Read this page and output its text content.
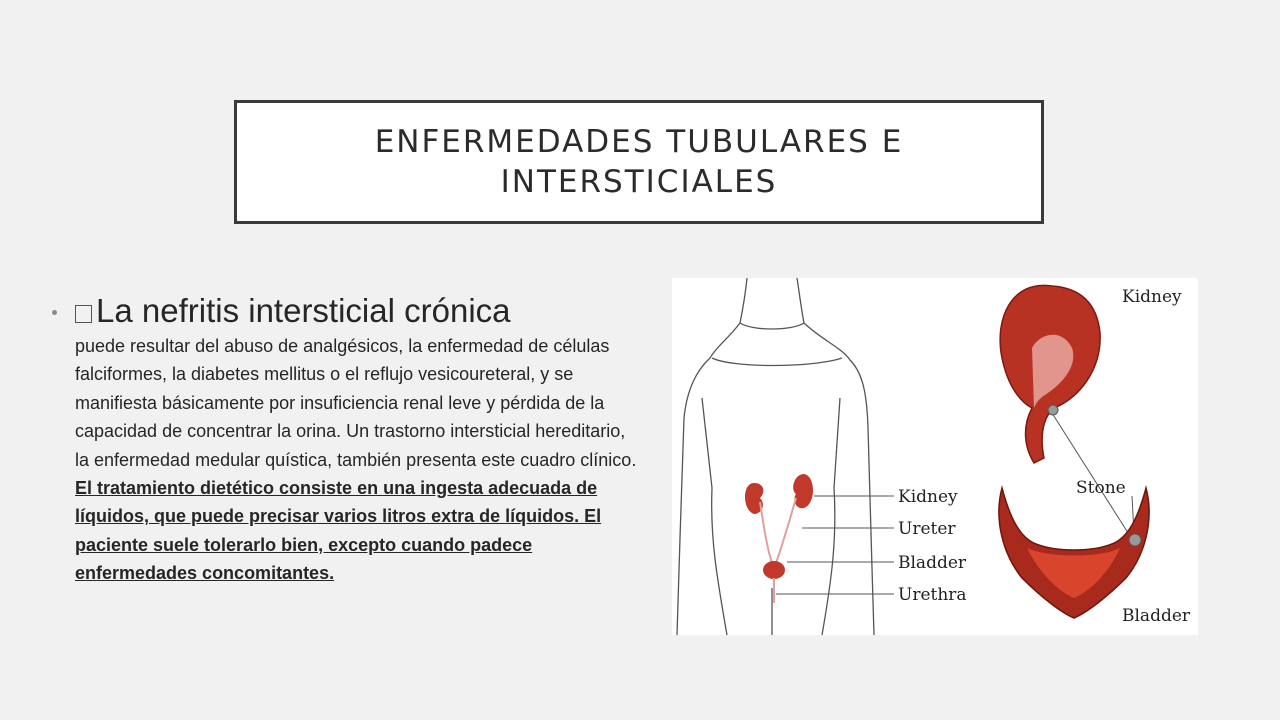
ENFERMEDADES TUBULARES E INTERSTICIALES
La nefritis intersticial crónica
puede resultar del abuso de analgésicos, la enfermedad de células falciformes, la diabetes mellitus o el reflujo vesicoureteral, y se manifiesta básicamente por insuficiencia renal leve y pérdida de la capacidad de concentrar la orina. Un trastorno intersticial hereditario, la enfermedad medular quística, también presenta este cuadro clínico. El tratamiento dietético consiste en una ingesta adecuada de líquidos, que puede precisar varios litros extra de líquidos. El paciente suele tolerarlo bien, excepto cuando padece enfermedades concomitantes.
Kidney
Ureter
Bladder
Urethra
Kidney
Stone
Bladder
